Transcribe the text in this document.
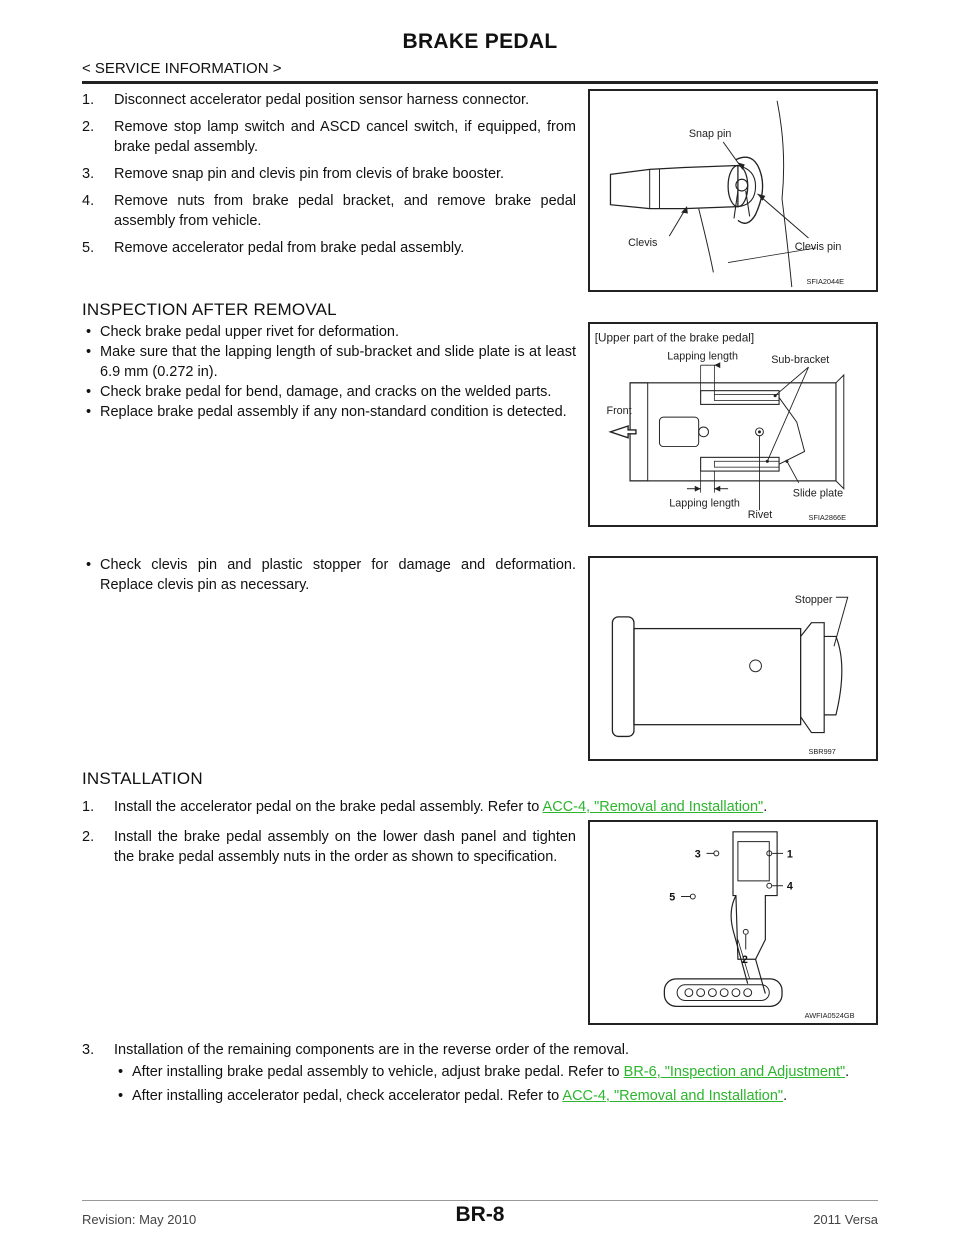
BRAKE PEDAL
< SERVICE INFORMATION >
1. Disconnect accelerator pedal position sensor harness connector.
2. Remove stop lamp switch and ASCD cancel switch, if equipped, from brake pedal assembly.
3. Remove snap pin and clevis pin from clevis of brake booster.
4. Remove nuts from brake pedal bracket, and remove brake pedal assembly from vehicle.
5. Remove accelerator pedal from brake pedal assembly.
Snap pin
Clevis	Clevis pin
SFIA2044E
INSPECTION AFTER REMOVAL
• Check brake pedal upper rivet for deformation.
• Make sure that the lapping length of sub-bracket and slide plate is at least 6.9 mm (0.272 in).
• Check brake pedal for bend, damage, and cracks on the welded parts.
• Replace brake pedal assembly if any non-standard condition is detected.
[Upper part of the brake pedal]
Lapping length	Sub-bracket
Front
Slide plate
Lapping length
Rivet	SFIA2866E
• Check clevis pin and plastic stopper for damage and deformation. Replace clevis pin as necessary.
Stopper
SBR997
INSTALLATION
1. Install the accelerator pedal on the brake pedal assembly. Refer to ACC-4, "Removal and Installation".
2. Install the brake pedal assembly on the lower dash panel and tighten the brake pedal assembly nuts in the order as shown to specification.	3	1
4
5
2
AWFIA0524GB
3. Installation of the remaining components are in the reverse order of the removal.
• After installing brake pedal assembly to vehicle, adjust brake pedal. Refer to BR-6, "Inspection and Adjustment".
• After installing accelerator pedal, check accelerator pedal. Refer to ACC-4, "Removal and Installation".
Revision: May 2010	BR-8	2011 Versa
